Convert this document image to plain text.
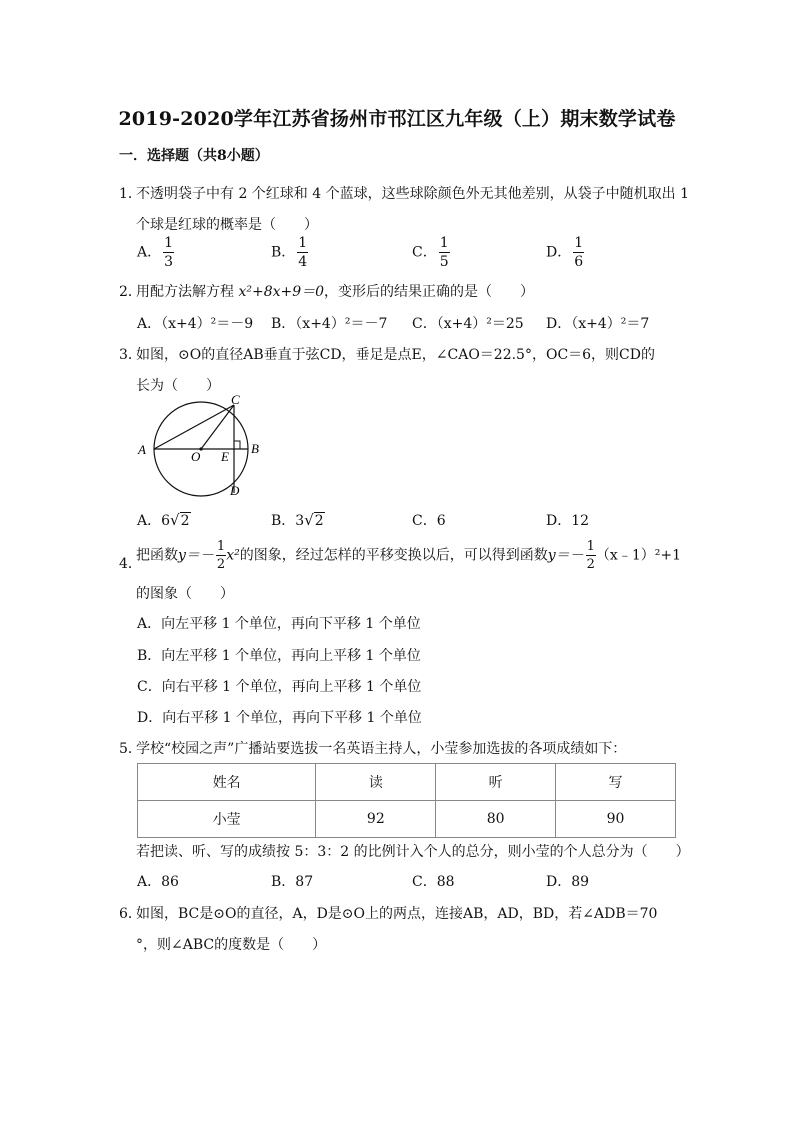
2019-2020学年江苏省扬州市邗江区九年级（上）期末数学试卷
一．选择题（共8小题）
1．
不透明袋子中有 2 个红球和 4 个蓝球，这些球除颜色外无其他差别，从袋子中随机取出 1
个球是红球的概率是（　　）
A． $\frac{1}{3}$	B． $\frac{1}{4}$	C． $\frac{1}{5}$	D． $\frac{1}{6}$
2．
用配方法解方程 x²+8x+9＝0，变形后的结果正确的是（　　）
A．（x+4）²＝－9 B．（x+4）²＝－7 C．（x+4）²＝25 D．（x+4）²＝7
3．
如图，⊙O的直径AB垂直于弦CD，垂足是点E，∠CAO＝22.5°，OC＝6，则CD的
长为（　　）
A	B
C
D
O E
A．6√2	B．3√2	C．6	D．12
4．
把函数$y=- \frac{1}{2} x^2$的图象，经过怎样的平移变换以后，可以得到函数$y=- \frac{1}{2}$ （x﹣1）²+1
的图象（　　）
A．向左平移 1 个单位，再向下平移 1 个单位
B．向左平移 1 个单位，再向上平移 1 个单位
C．向右平移 1 个单位，再向上平移 1 个单位
D．向右平移 1 个单位，再向下平移 1 个单位
5．
学校“校园之声”广播站要选拔一名英语主持人，小莹参加选拔的各项成绩如下：
姓名	读	听	写
小莹	92	80	90
若把读、听、写的成绩按 5：3：2 的比例计入个人的总分，则小莹的个人总分为（　　）
A．86	B．87	C．88	D．89
6．
如图，BC是⊙O的直径，A，D是⊙O上的两点，连接AB，AD，BD，若∠ADB＝70
°，则∠ABC的度数是（　　）
